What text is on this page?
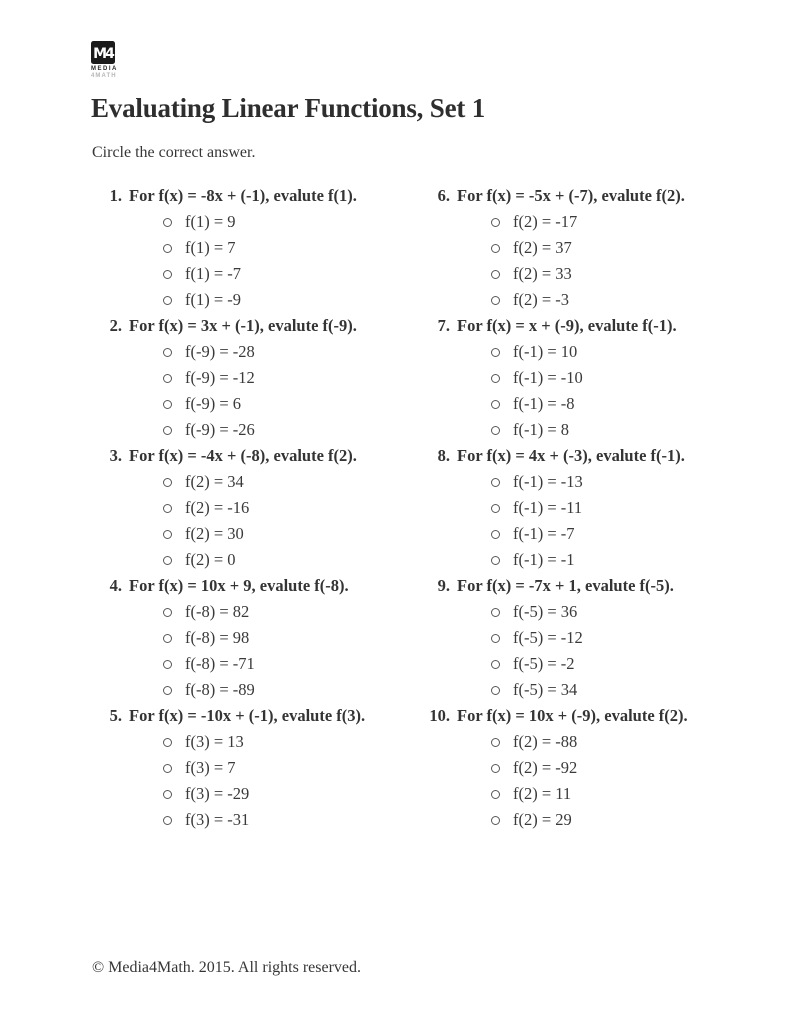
M4
MEDIA
4MATH
Evaluating Linear Functions, Set 1

Circle the correct answer.

1. For f(x) = -8x + (-1), evalute f(1).
f(1) = 9
f(1) = 7
f(1) = -7
f(1) = -9
2. For f(x) = 3x + (-1), evalute f(-9).
f(-9) = -28
f(-9) = -12
f(-9) = 6
f(-9) = -26
3. For f(x) = -4x + (-8), evalute f(2).
f(2) = 34
f(2) = -16
f(2) = 30
f(2) = 0
4. For f(x) = 10x + 9, evalute f(-8).
f(-8) = 82
f(-8) = 98
f(-8) = -71
f(-8) = -89
5. For f(x) = -10x + (-1), evalute f(3).
f(3) = 13
f(3) = 7
f(3) = -29
f(3) = -31
6. For f(x) = -5x + (-7), evalute f(2).
f(2) = -17
f(2) = 37
f(2) = 33
f(2) = -3
7. For f(x) = x + (-9), evalute f(-1).
f(-1) = 10
f(-1) = -10
f(-1) = -8
f(-1) = 8
8. For f(x) = 4x + (-3), evalute f(-1).
f(-1) = -13
f(-1) = -11
f(-1) = -7
f(-1) = -1
9. For f(x) = -7x + 1, evalute f(-5).
f(-5) = 36
f(-5) = -12
f(-5) = -2
f(-5) = 34
10. For f(x) = 10x + (-9), evalute f(2).
f(2) = -88
f(2) = -92
f(2) = 11
f(2) = 29

© Media4Math. 2015. All rights reserved.
